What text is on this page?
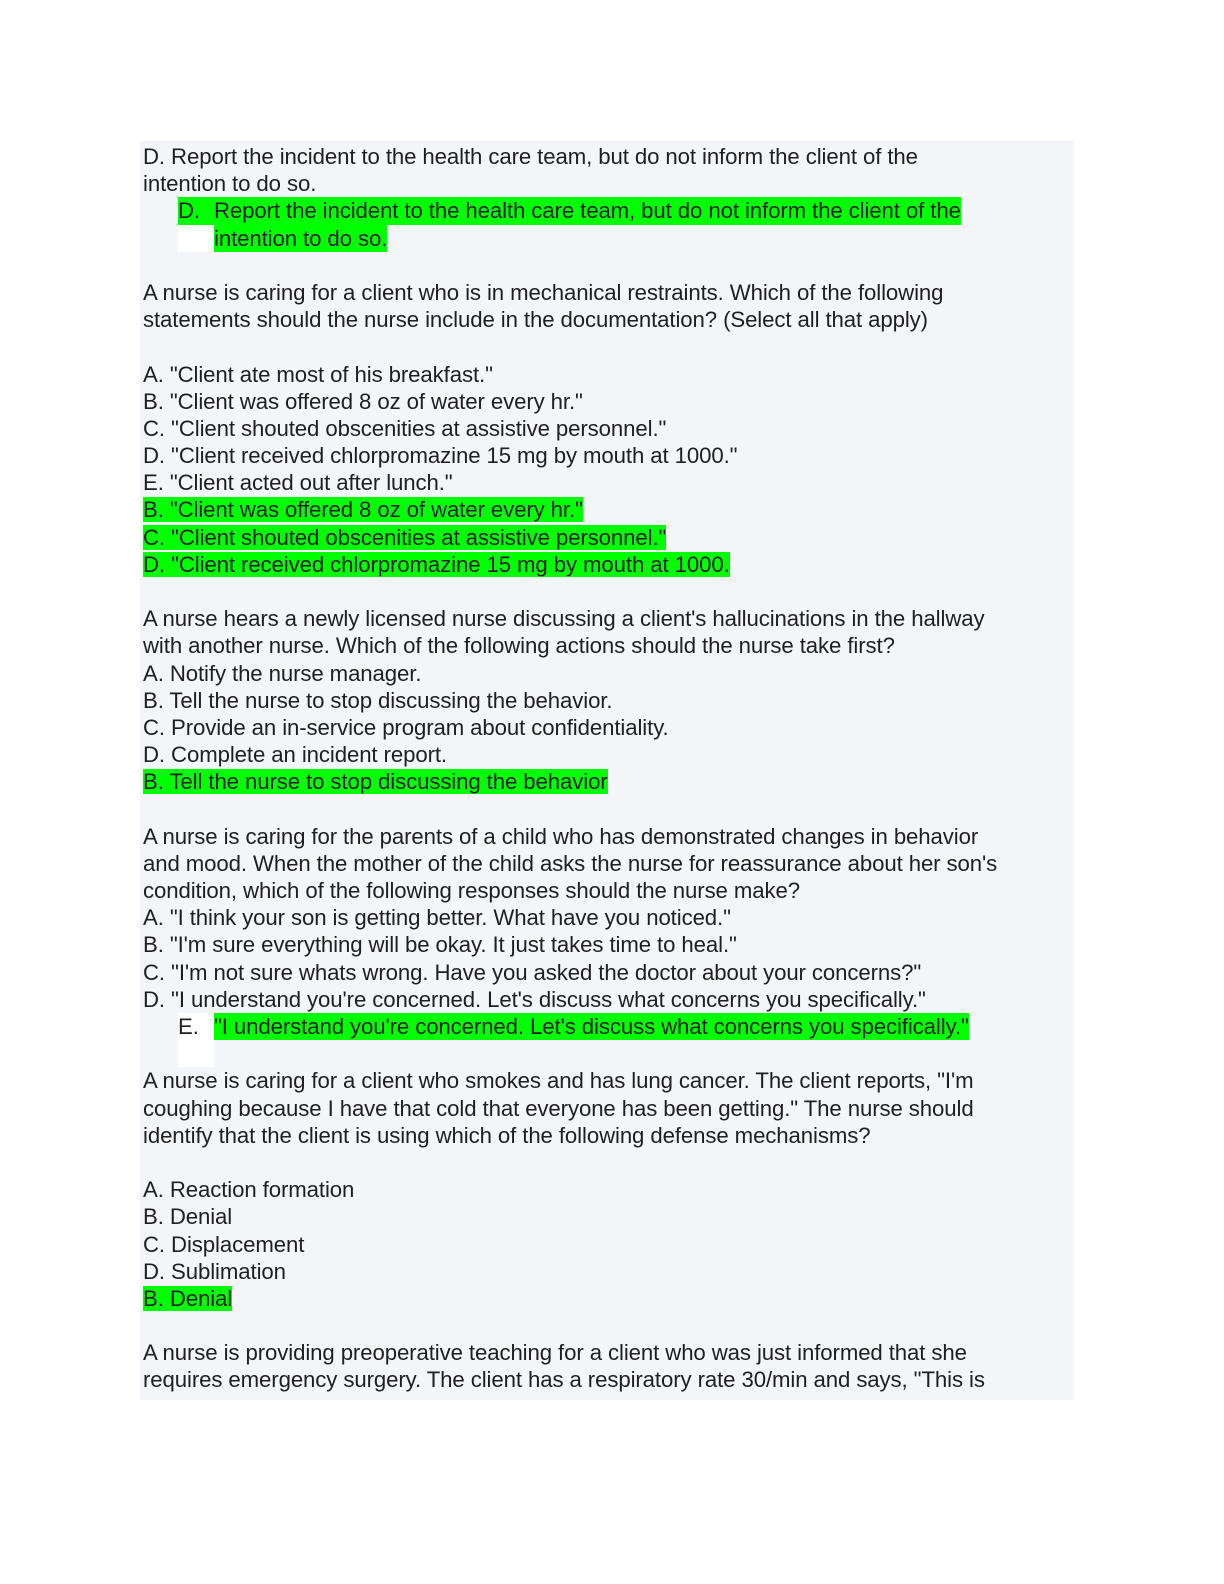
D. Report the incident to the health care team, but do not inform the client of the
intention to do so.
D. Report the incident to the health care team, but do not inform the client of the
intention to do so.
A nurse is caring for a client who is in mechanical restraints. Which of the following
statements should the nurse include in the documentation? (Select all that apply)
A. "Client ate most of his breakfast."
B. "Client was offered 8 oz of water every hr."
C. "Client shouted obscenities at assistive personnel."
D. "Client received chlorpromazine 15 mg by mouth at 1000."
E. "Client acted out after lunch."
B. "Client was offered 8 oz of water every hr."
C. "Client shouted obscenities at assistive personnel."
D. "Client received chlorpromazine 15 mg by mouth at 1000.
A nurse hears a newly licensed nurse discussing a client's hallucinations in the hallway
with another nurse. Which of the following actions should the nurse take first?
A. Notify the nurse manager.
B. Tell the nurse to stop discussing the behavior.
C. Provide an in-service program about confidentiality.
D. Complete an incident report.
B. Tell the nurse to stop discussing the behavior
A nurse is caring for the parents of a child who has demonstrated changes in behavior
and mood. When the mother of the child asks the nurse for reassurance about her son's
condition, which of the following responses should the nurse make?
A. "I think your son is getting better. What have you noticed."
B. "I'm sure everything will be okay. It just takes time to heal."
C. "I'm not sure whats wrong. Have you asked the doctor about your concerns?"
D. "I understand you're concerned. Let's discuss what concerns you specifically."
E. "I understand you're concerned. Let's discuss what concerns you specifically."
A nurse is caring for a client who smokes and has lung cancer. The client reports, "I'm
coughing because I have that cold that everyone has been getting." The nurse should
identify that the client is using which of the following defense mechanisms?
A. Reaction formation
B. Denial
C. Displacement
D. Sublimation
B. Denial
A nurse is providing preoperative teaching for a client who was just informed that she
requires emergency surgery. The client has a respiratory rate 30/min and says, "This is
